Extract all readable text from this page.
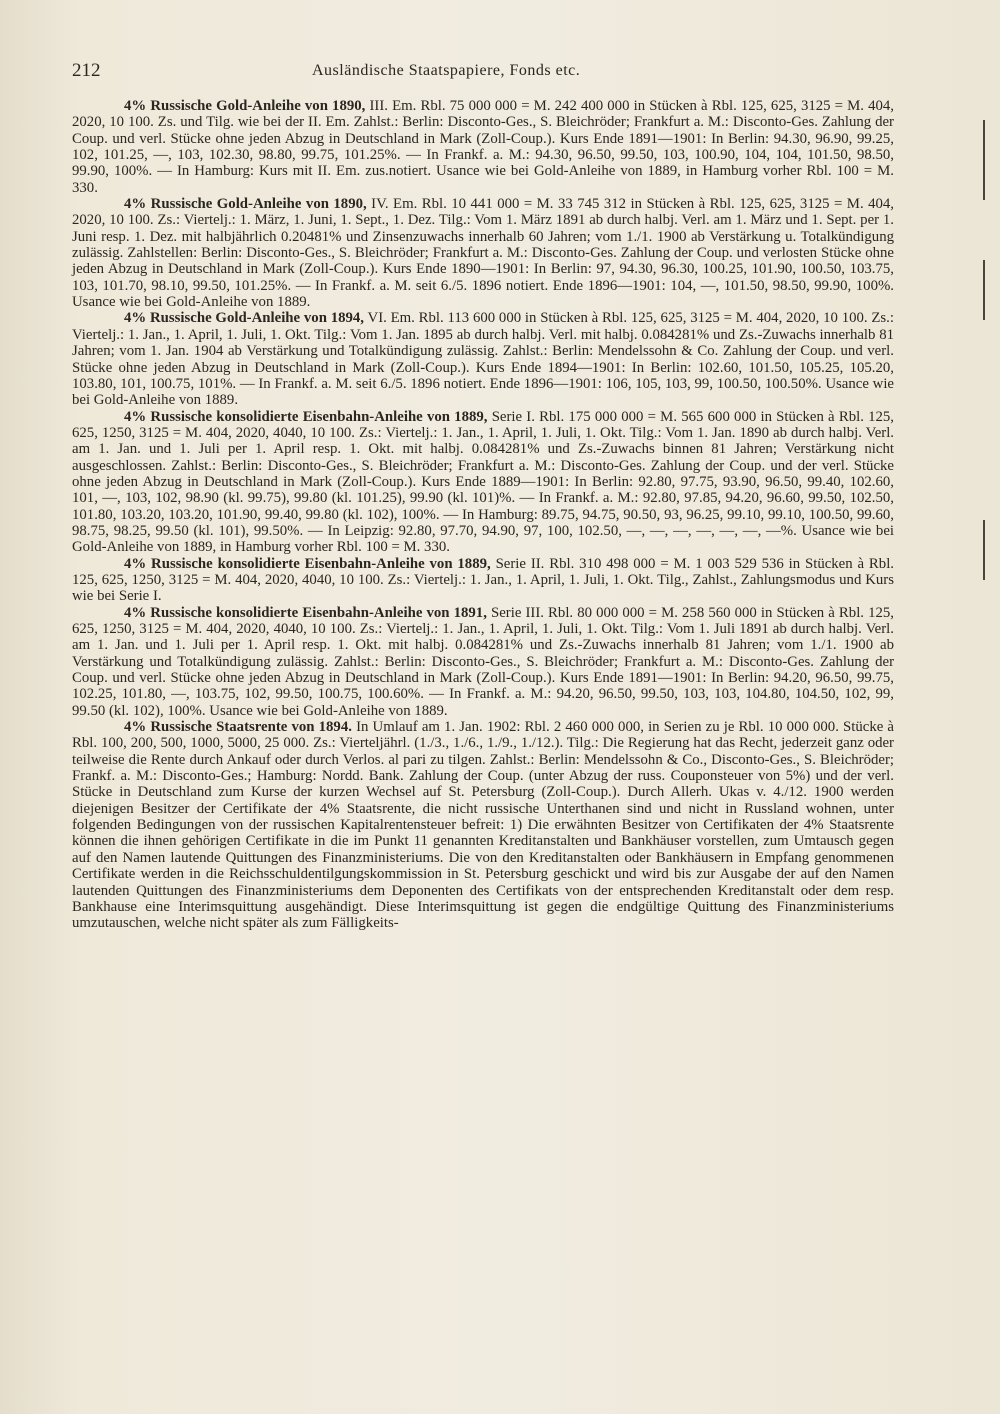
212	Ausländische Staatspapiere, Fonds etc.

4% Russische Gold-Anleihe von 1890, III. Em. Rbl. 75 000 000 = M. 242 400 000 in Stücken à Rbl. 125, 625, 3125 = M. 404, 2020, 10 100. Zs. und Tilg. wie bei der II. Em. Zahlst.: Berlin: Disconto-Ges., S. Bleichröder; Frankfurt a. M.: Disconto-Ges. Zahlung der Coup. und verl. Stücke ohne jeden Abzug in Deutschland in Mark (Zoll-Coup.). Kurs Ende 1891—1901: In Berlin: 94.30, 96.90, 99.25, 102, 101.25, —, 103, 102.30, 98.80, 99.75, 101.25%. — In Frankf. a. M.: 94.30, 96.50, 99.50, 103, 100.90, 104, 104, 101.50, 98.50, 99.90, 100%. — In Hamburg: Kurs mit II. Em. zus.notiert. Usance wie bei Gold-Anleihe von 1889, in Hamburg vorher Rbl. 100 = M. 330.

4% Russische Gold-Anleihe von 1890, IV. Em. Rbl. 10 441 000 = M. 33 745 312 in Stücken à Rbl. 125, 625, 3125 = M. 404, 2020, 10 100. Zs.: Viertelj.: 1. März, 1. Juni, 1. Sept., 1. Dez. Tilg.: Vom 1. März 1891 ab durch halbj. Verl. am 1. März und 1. Sept. per 1. Juni resp. 1. Dez. mit halbjährlich 0.20481% und Zinsenzuwachs innerhalb 60 Jahren; vom 1./1. 1900 ab Verstärkung u. Totalkündigung zulässig. Zahlstellen: Berlin: Disconto-Ges., S. Bleichröder; Frankfurt a. M.: Disconto-Ges. Zahlung der Coup. und verlosten Stücke ohne jeden Abzug in Deutschland in Mark (Zoll-Coup.). Kurs Ende 1890—1901: In Berlin: 97, 94.30, 96.30, 100.25, 101.90, 100.50, 103.75, 103, 101.70, 98.10, 99.50, 101.25%. — In Frankf. a. M. seit 6./5. 1896 notiert. Ende 1896—1901: 104, —, 101.50, 98.50, 99.90, 100%. Usance wie bei Gold-Anleihe von 1889.

4% Russische Gold-Anleihe von 1894, VI. Em. Rbl. 113 600 000 in Stücken à Rbl. 125, 625, 3125 = M. 404, 2020, 10 100. Zs.: Viertelj.: 1. Jan., 1. April, 1. Juli, 1. Okt. Tilg.: Vom 1. Jan. 1895 ab durch halbj. Verl. mit halbj. 0.084281% und Zs.-Zuwachs innerhalb 81 Jahren; vom 1. Jan. 1904 ab Verstärkung und Totalkündigung zulässig. Zahlst.: Berlin: Mendelssohn & Co. Zahlung der Coup. und verl. Stücke ohne jeden Abzug in Deutschland in Mark (Zoll-Coup.). Kurs Ende 1894—1901: In Berlin: 102.60, 101.50, 105.25, 105.20, 103.80, 101, 100.75, 101%. — In Frankf. a. M. seit 6./5. 1896 notiert. Ende 1896—1901: 106, 105, 103, 99, 100.50, 100.50%. Usance wie bei Gold-Anleihe von 1889.

4% Russische konsolidierte Eisenbahn-Anleihe von 1889, Serie I. Rbl. 175 000 000 = M. 565 600 000 in Stücken à Rbl. 125, 625, 1250, 3125 = M. 404, 2020, 4040, 10 100. Zs.: Viertelj.: 1. Jan., 1. April, 1. Juli, 1. Okt. Tilg.: Vom 1. Jan. 1890 ab durch halbj. Verl. am 1. Jan. und 1. Juli per 1. April resp. 1. Okt. mit halbj. 0.084281% und Zs.-Zuwachs binnen 81 Jahren; Verstärkung nicht ausgeschlossen. Zahlst.: Berlin: Disconto-Ges., S. Bleichröder; Frankfurt a. M.: Disconto-Ges. Zahlung der Coup. und der verl. Stücke ohne jeden Abzug in Deutschland in Mark (Zoll-Coup.). Kurs Ende 1889—1901: In Berlin: 92.80, 97.75, 93.90, 96.50, 99.40, 102.60, 101, —, 103, 102, 98.90 (kl. 99.75), 99.80 (kl. 101.25), 99.90 (kl. 101)%. — In Frankf. a. M.: 92.80, 97.85, 94.20, 96.60, 99.50, 102.50, 101.80, 103.20, 103.20, 101.90, 99.40, 99.80 (kl. 102), 100%. — In Hamburg: 89.75, 94.75, 90.50, 93, 96.25, 99.10, 99.10, 100.50, 99.60, 98.75, 98.25, 99.50 (kl. 101), 99.50%. — In Leipzig: 92.80, 97.70, 94.90, 97, 100, 102.50, —, —, —, —, —, —, —%. Usance wie bei Gold-Anleihe von 1889, in Hamburg vorher Rbl. 100 = M. 330.

4% Russische konsolidierte Eisenbahn-Anleihe von 1889, Serie II. Rbl. 310 498 000 = M. 1 003 529 536 in Stücken à Rbl. 125, 625, 1250, 3125 = M. 404, 2020, 4040, 10 100. Zs.: Viertelj.: 1. Jan., 1. April, 1. Juli, 1. Okt. Tilg., Zahlst., Zahlungsmodus und Kurs wie bei Serie I.

4% Russische konsolidierte Eisenbahn-Anleihe von 1891, Serie III. Rbl. 80 000 000 = M. 258 560 000 in Stücken à Rbl. 125, 625, 1250, 3125 = M. 404, 2020, 4040, 10 100. Zs.: Viertelj.: 1. Jan., 1. April, 1. Juli, 1. Okt. Tilg.: Vom 1. Juli 1891 ab durch halbj. Verl. am 1. Jan. und 1. Juli per 1. April resp. 1. Okt. mit halbj. 0.084281% und Zs.-Zuwachs innerhalb 81 Jahren; vom 1./1. 1900 ab Verstärkung und Totalkündigung zulässig. Zahlst.: Berlin: Disconto-Ges., S. Bleichröder; Frankfurt a. M.: Disconto-Ges. Zahlung der Coup. und verl. Stücke ohne jeden Abzug in Deutschland in Mark (Zoll-Coup.). Kurs Ende 1891—1901: In Berlin: 94.20, 96.50, 99.75, 102.25, 101.80, —, 103.75, 102, 99.50, 100.75, 100.60%. — In Frankf. a. M.: 94.20, 96.50, 99.50, 103, 103, 104.80, 104.50, 102, 99, 99.50 (kl. 102), 100%. Usance wie bei Gold-Anleihe von 1889.

4% Russische Staatsrente von 1894. In Umlauf am 1. Jan. 1902: Rbl. 2 460 000 000, in Serien zu je Rbl. 10 000 000. Stücke à Rbl. 100, 200, 500, 1000, 5000, 25 000. Zs.: Vierteljährl. (1./3., 1./6., 1./9., 1./12.). Tilg.: Die Regierung hat das Recht, jederzeit ganz oder teilweise die Rente durch Ankauf oder durch Verlos. al pari zu tilgen. Zahlst.: Berlin: Mendelssohn & Co., Disconto-Ges., S. Bleichröder; Frankf. a. M.: Disconto-Ges.; Hamburg: Nordd. Bank. Zahlung der Coup. (unter Abzug der russ. Couponsteuer von 5%) und der verl. Stücke in Deutschland zum Kurse der kurzen Wechsel auf St. Petersburg (Zoll-Coup.). Durch Allerh. Ukas v. 4./12. 1900 werden diejenigen Besitzer der Certifikate der 4% Staatsrente, die nicht russische Unterthanen sind und nicht in Russland wohnen, unter folgenden Bedingungen von der russischen Kapitalrentensteuer befreit: 1) Die erwähnten Besitzer von Certifikaten der 4% Staatsrente können die ihnen gehörigen Certifikate in die im Punkt 11 genannten Kreditanstalten und Bankhäuser vorstellen, zum Umtausch gegen auf den Namen lautende Quittungen des Finanzministeriums. Die von den Kreditanstalten oder Bankhäusern in Empfang genommenen Certifikate werden in die Reichsschuldentilgungskommission in St. Petersburg geschickt und wird bis zur Ausgabe der auf den Namen lautenden Quittungen des Finanzministeriums dem Deponenten des Certifikats von der entsprechenden Kreditanstalt oder dem resp. Bankhause eine Interimsquittung ausgehändigt. Diese Interimsquittung ist gegen die endgültige Quittung des Finanzministeriums umzutauschen, welche nicht später als zum Fälligkeits-
